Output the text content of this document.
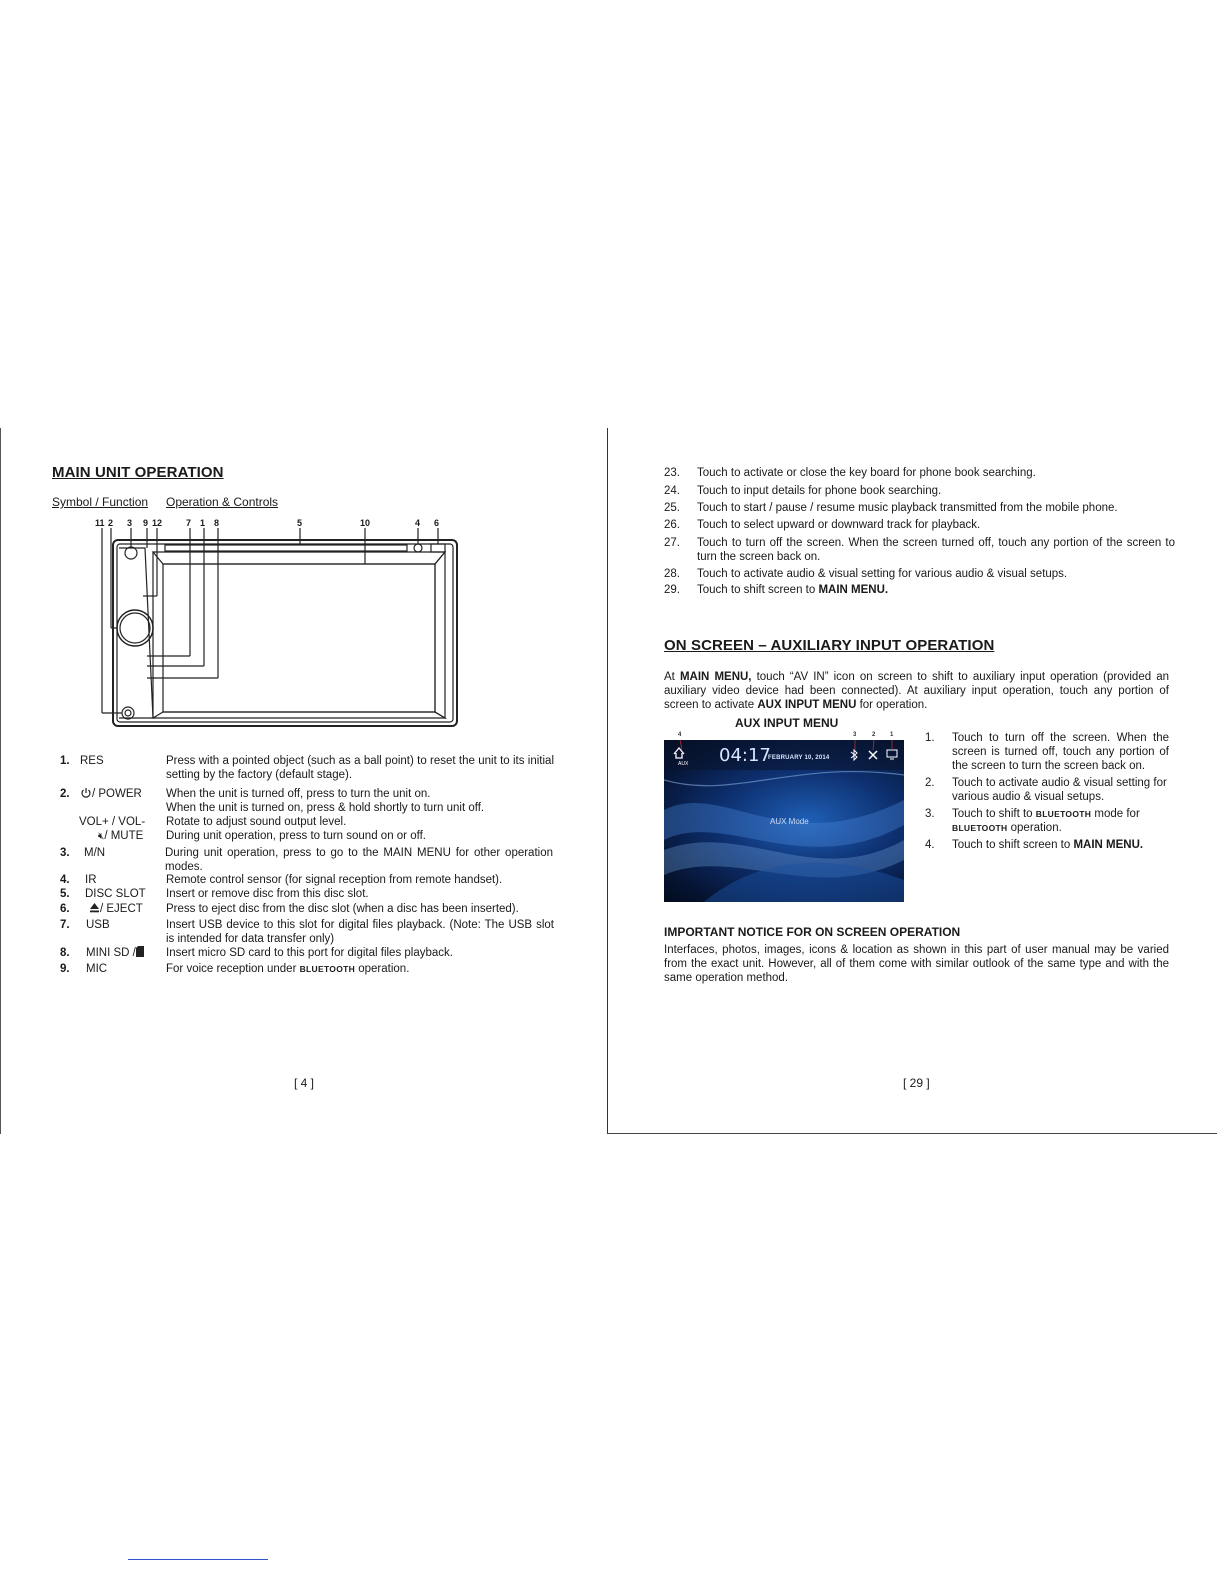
MAIN UNIT OPERATION
Symbol / Function Operation & Controls
11 2 3 9 12	7 1 8	5	10	4 6
1. RES	Press with a pointed object (such as a ball point) to reset the unit to its initial setting by the factory (default stage).
2.	/ POWER	When the unit is turned off, press to turn the unit on.
When the unit is turned on, press & hold shortly to turn unit off.
VOL+ / VOL-	Rotate to adjust sound output level.
🔇︎/ MUTE	During unit operation, press to turn sound on or off.
3.	M/N	During unit operation, press to go to the MAIN MENU for other operation modes.
4.	IR	Remote control sensor (for signal reception from remote handset).
5.	DISC SLOT	Insert or remove disc from this disc slot.
6.	/ EJECT	Press to eject disc from the disc slot (when a disc has been inserted).
7.	USB	Insert USB device to this slot for digital files playback. (Note: The USB slot is intended for data transfer only)
8.	MINI SD /	Insert micro SD card to this port for digital files playback.
9.	MIC	For voice reception under BLUETOOTH operation.
[ 4 ]
23.	Touch to activate or close the key board for phone book searching.
24.	Touch to input details for phone book searching.
25.	Touch to start / pause / resume music playback transmitted from the mobile phone.
26.	Touch to select upward or downward track for playback.
27.	Touch to turn off the screen. When the screen turned off, touch any portion of the screen to turn the screen back on.
28.	Touch to activate audio & visual setting for various audio & visual setups.
29.	Touch to shift screen to MAIN MENU.
ON SCREEN – AUXILIARY INPUT OPERATION
At MAIN MENU, touch “AV IN” icon on screen to shift to auxiliary input operation (provided an auxiliary video device had been connected). At auxiliary input operation, touch any portion of screen to activate AUX INPUT MENU for operation.
AUX INPUT MENU
4	3	2 1
AUX 04:17
FEBRUARY 10, 2014
AUX Mode
1.	Touch to turn off the screen. When the screen is turned off, touch any portion of the screen to turn the screen back on.
2.	Touch to activate audio & visual setting for various audio & visual setups.
3.	Touch to shift to BLUETOOTH mode for
BLUETOOTH operation.
4.	Touch to shift screen to MAIN MENU.
IMPORTANT NOTICE FOR ON SCREEN OPERATION
Interfaces, photos, images, icons & location as shown in this part of user manual may be varied from the exact unit. However, all of them come with similar outlook of the same type and with the same operation method.
[ 29 ]
